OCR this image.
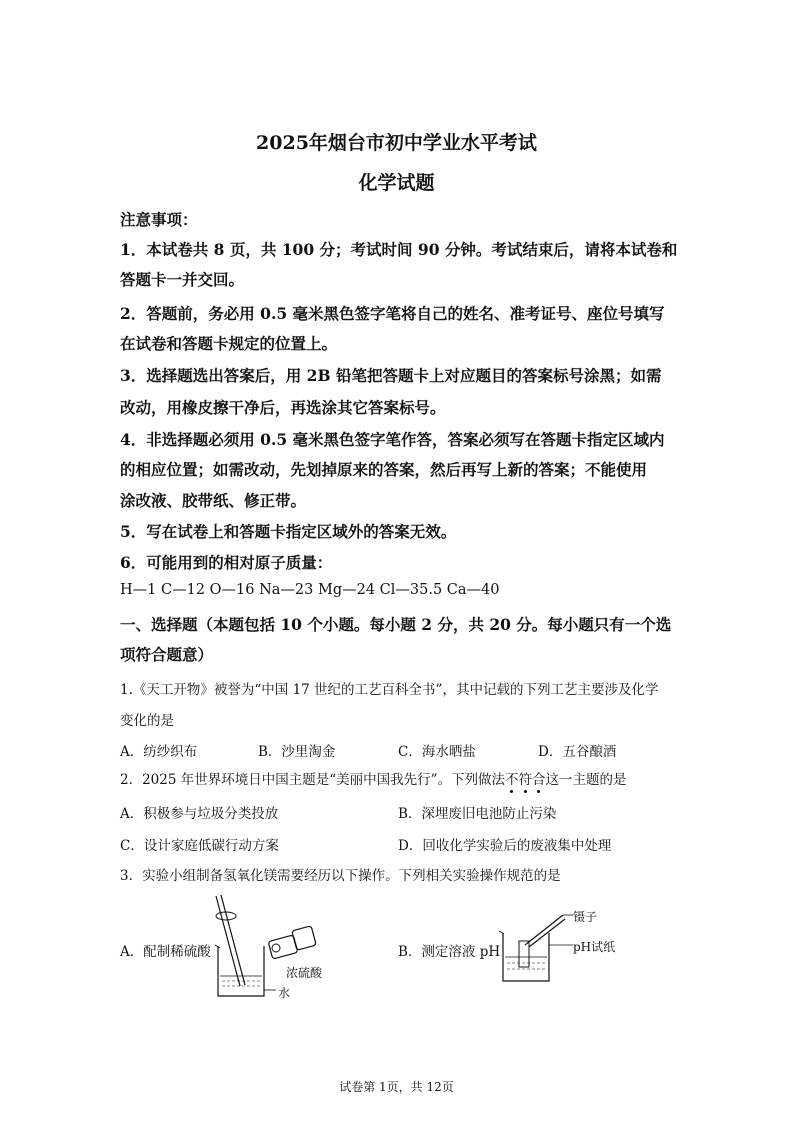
2025年烟台市初中学业水平考试
化学试题
注意事项：
1．本试卷共 8 页，共 100 分；考试时间 90 分钟。考试结束后，请将本试卷和
答题卡一并交回。
2．答题前，务必用 0.5 毫米黑色签字笔将自己的姓名、准考证号、座位号填写
在试卷和答题卡规定的位置上。
3．选择题选出答案后，用 2B 铅笔把答题卡上对应题目的答案标号涂黑；如需
改动，用橡皮擦干净后，再选涂其它答案标号。
4．非选择题必须用 0.5 毫米黑色签字笔作答，答案必须写在答题卡指定区域内
的相应位置；如需改动，先划掉原来的答案，然后再写上新的答案；不能使用
涂改液、胶带纸、修正带。
5．写在试卷上和答题卡指定区域外的答案无效。
6．可能用到的相对原子质量：
H—1 C—12 O—16 Na—23 Mg—24 Cl—35.5 Ca—40
一、选择题（本题包括 10 个小题。每小题 2 分，共 20 分。每小题只有一个选
项符合题意）
1.《天工开物》被誉为“中国 17 世纪的工艺百科全书”，其中记载的下列工艺主要涉及化学
变化的是
A．纺纱织布	B．沙里淘金	C．海水晒盐	D．五谷酿酒
2．2025 年世界环境日中国主题是“美丽中国我先行”。下列做法不符合这一主题的是
A．积极参与垃圾分类投放	B．深埋废旧电池防止污染
C．设计家庭低碳行动方案	D．回收化学实验后的废液集中处理
3．实验小组制备氢氧化镁需要经历以下操作。下列相关实验操作规范的是
A．配制稀硫酸
浓硫酸
水
B．测定溶液 pH
镊子
pH试纸
试卷第 1页，共 12页
